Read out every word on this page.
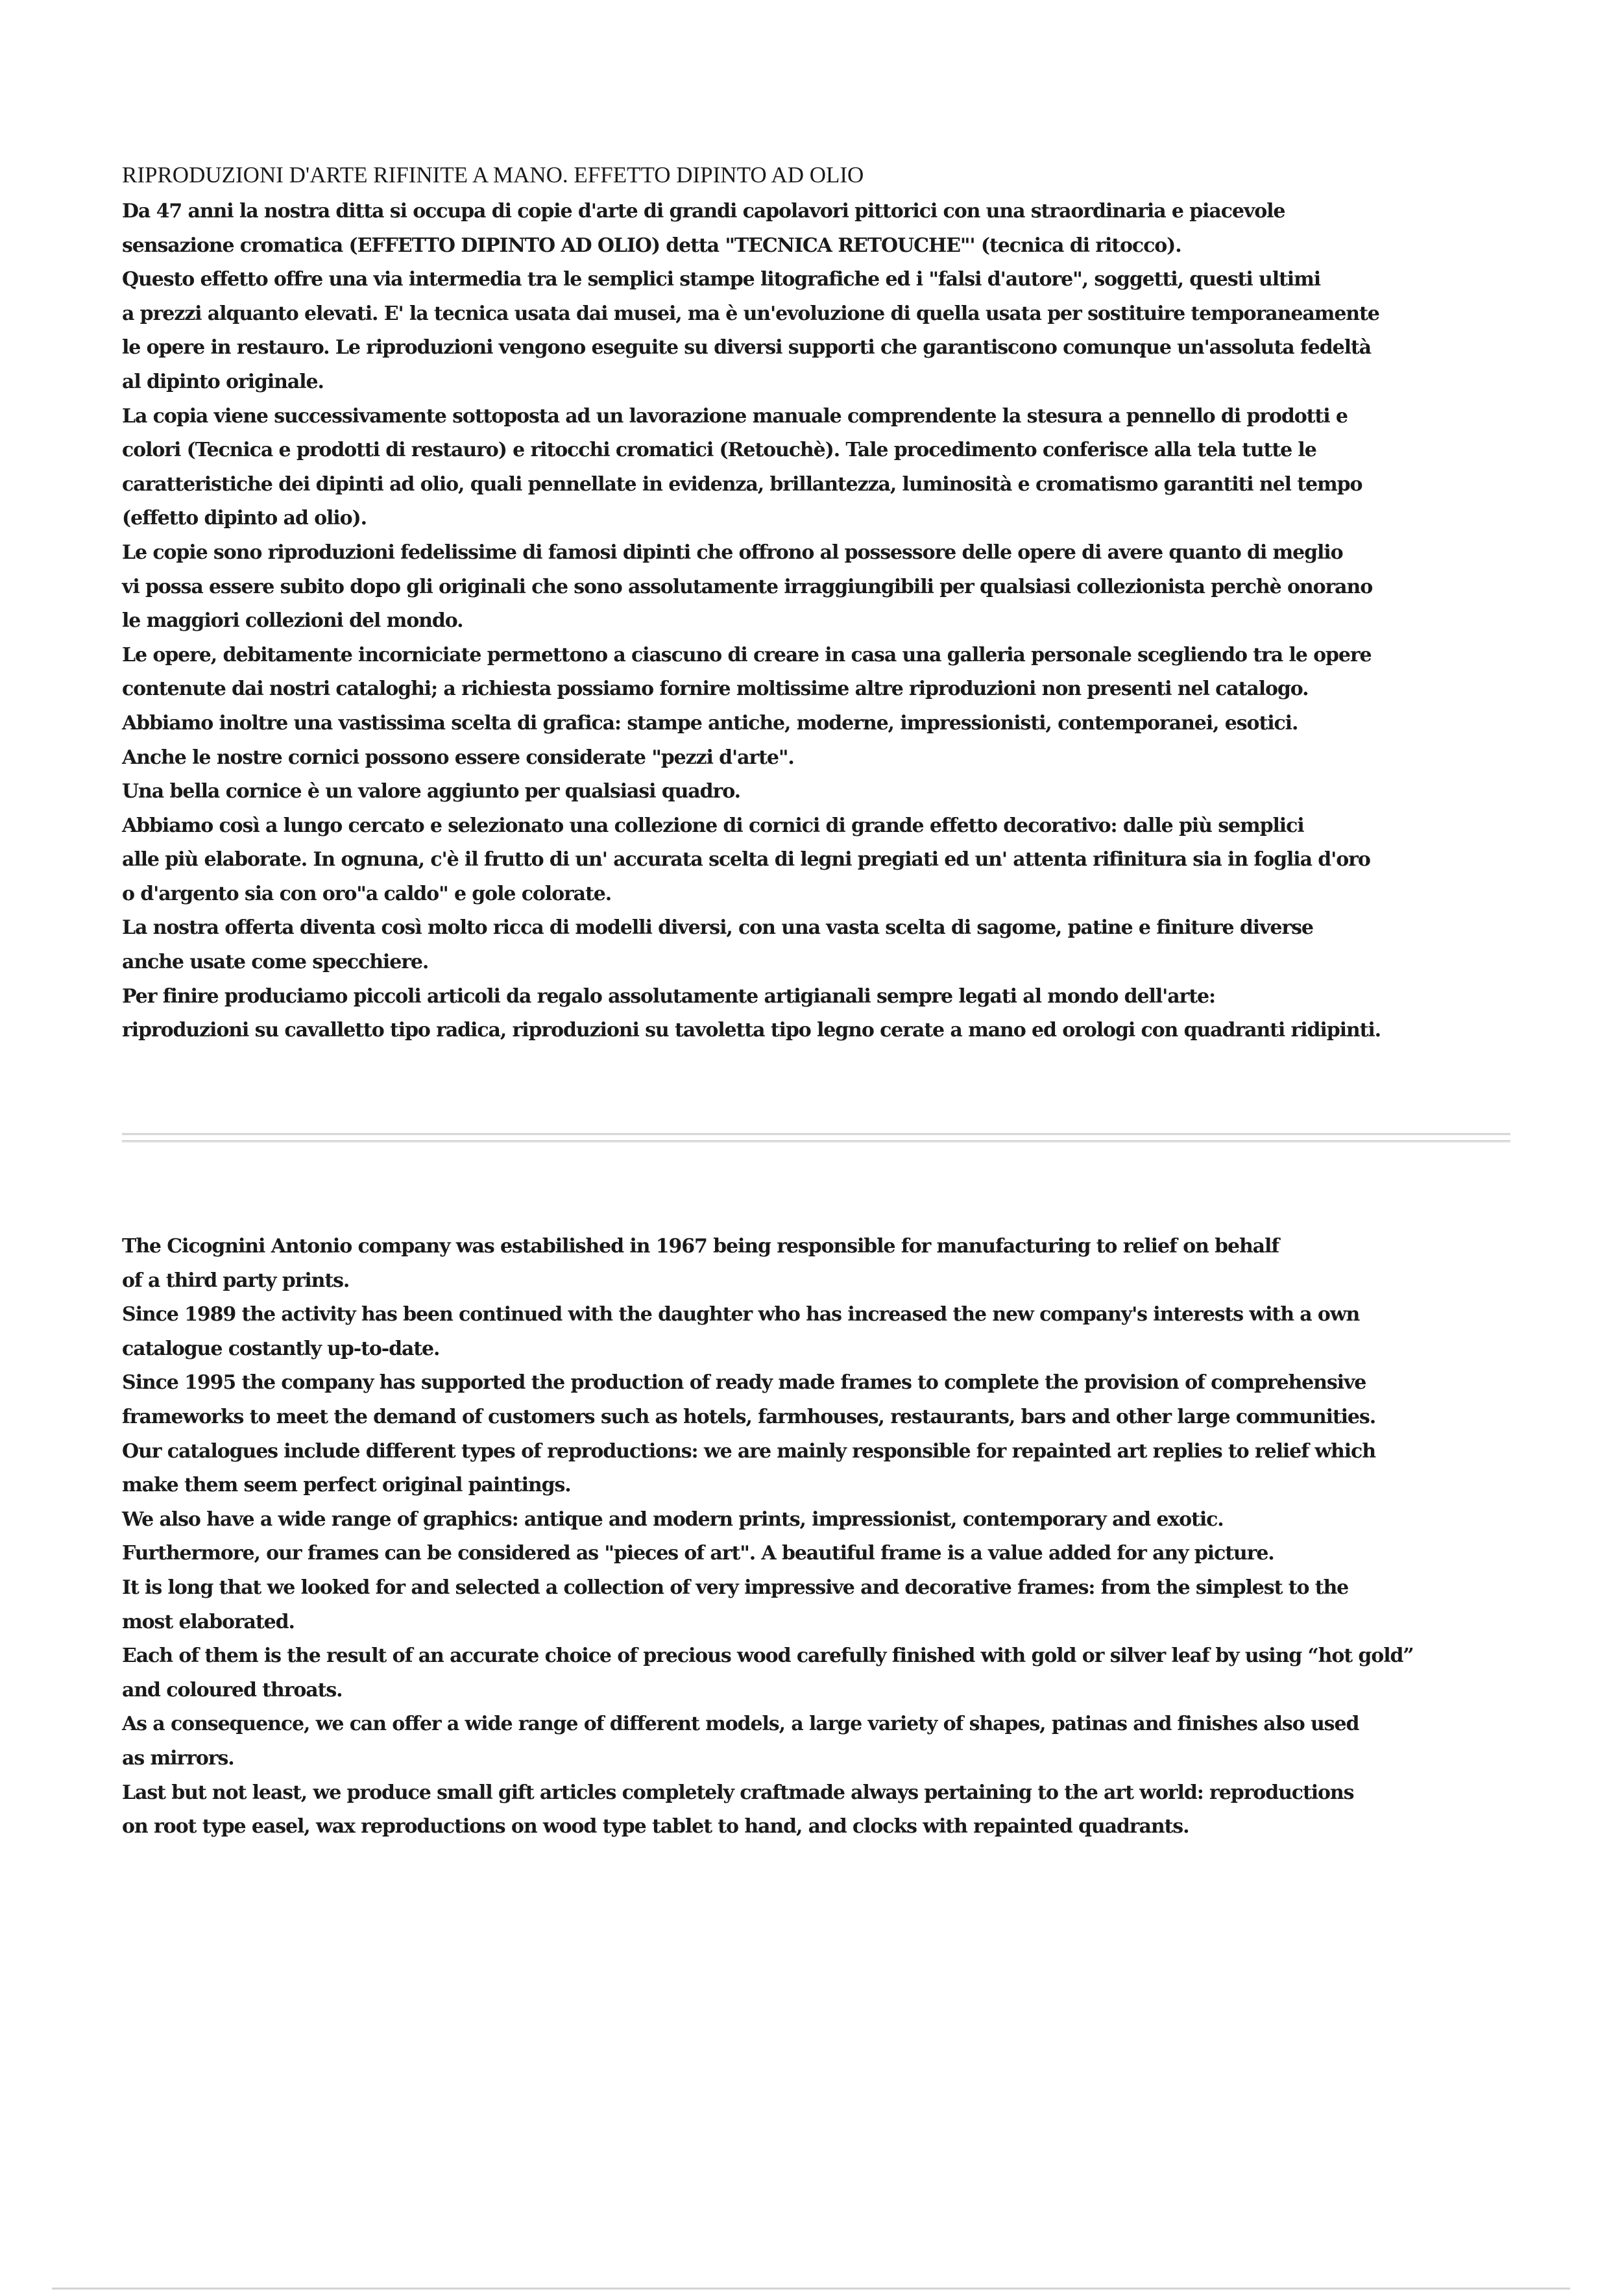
RIPRODUZIONI D'ARTE RIFINITE A MANO. EFFETTO DIPINTO AD OLIO
Da 47 anni la nostra ditta si occupa di copie d'arte di grandi capolavori pittorici con una straordinaria e piacevole
sensazione cromatica (EFFETTO DIPINTO AD OLIO) detta "TECNICA RETOUCHE"' (tecnica di ritocco).
Questo effetto offre una via intermedia tra le semplici stampe litografiche ed i "falsi d'autore", soggetti, questi ultimi
a prezzi alquanto elevati. E' la tecnica usata dai musei, ma è un'evoluzione di quella usata per sostituire temporaneamente
le opere in restauro. Le riproduzioni vengono eseguite su diversi supporti che garantiscono comunque un'assoluta fedeltà
al dipinto originale.
La copia viene successivamente sottoposta ad un lavorazione manuale comprendente la stesura a pennello di prodotti e
colori (Tecnica e prodotti di restauro) e ritocchi cromatici (Retouchè). Tale procedimento conferisce alla tela tutte le
caratteristiche dei dipinti ad olio, quali pennellate in evidenza, brillantezza, luminosità e cromatismo garantiti nel tempo
(effetto dipinto ad olio).
Le copie sono riproduzioni fedelissime di famosi dipinti che offrono al possessore delle opere di avere quanto di meglio
vi possa essere subito dopo gli originali che sono assolutamente irraggiungibili per qualsiasi collezionista perchè onorano
le maggiori collezioni del mondo.
Le opere, debitamente incorniciate permettono a ciascuno di creare in casa una galleria personale scegliendo tra le opere
contenute dai nostri cataloghi; a richiesta possiamo fornire moltissime altre riproduzioni non presenti nel catalogo.
Abbiamo inoltre una vastissima scelta di grafica: stampe antiche, moderne, impressionisti, contemporanei, esotici.
Anche le nostre cornici possono essere considerate "pezzi d'arte".
Una bella cornice è un valore aggiunto per qualsiasi quadro.
Abbiamo così a lungo cercato e selezionato una collezione di cornici di grande effetto decorativo: dalle più semplici
alle più elaborate. In ognuna, c'è il frutto di un' accurata scelta di legni pregiati ed un' attenta rifinitura sia in foglia d'oro
o d'argento sia con oro"a caldo" e gole colorate.
La nostra offerta diventa così molto ricca di modelli diversi, con una vasta scelta di sagome, patine e finiture diverse
anche usate come specchiere.
Per finire produciamo piccoli articoli da regalo assolutamente artigianali sempre legati al mondo dell'arte:
riproduzioni su cavalletto tipo radica, riproduzioni su tavoletta tipo legno cerate a mano ed orologi con quadranti ridipinti.
The Cicognini Antonio company was estabilished in 1967 being responsible for manufacturing to relief on behalf
of a third party prints.
Since 1989 the activity has been continued with the daughter who has increased the new company's interests with a own
catalogue costantly up-to-date.
Since 1995 the company has supported the production of ready made frames to complete the provision of comprehensive
frameworks to meet the demand of customers such as hotels, farmhouses, restaurants, bars and other large communities.
Our catalogues include different types of reproductions: we are mainly responsible for repainted art replies to relief which
make them seem perfect original paintings.
We also have a wide range of graphics: antique and modern prints, impressionist, contemporary and exotic.
Furthermore, our frames can be considered as "pieces of art". A beautiful frame is a value added for any picture.
It is long that we looked for and selected a collection of very impressive and decorative frames: from the simplest to the
most elaborated.
Each of them is the result of an accurate choice of precious wood carefully finished with gold or silver leaf by using “hot gold”
and coloured throats.
As a consequence, we can offer a wide range of different models, a large variety of shapes, patinas and finishes also used
as mirrors.
Last but not least, we produce small gift articles completely craftmade always pertaining to the art world: reproductions
on root type easel, wax reproductions on wood type tablet to hand, and clocks with repainted quadrants.
